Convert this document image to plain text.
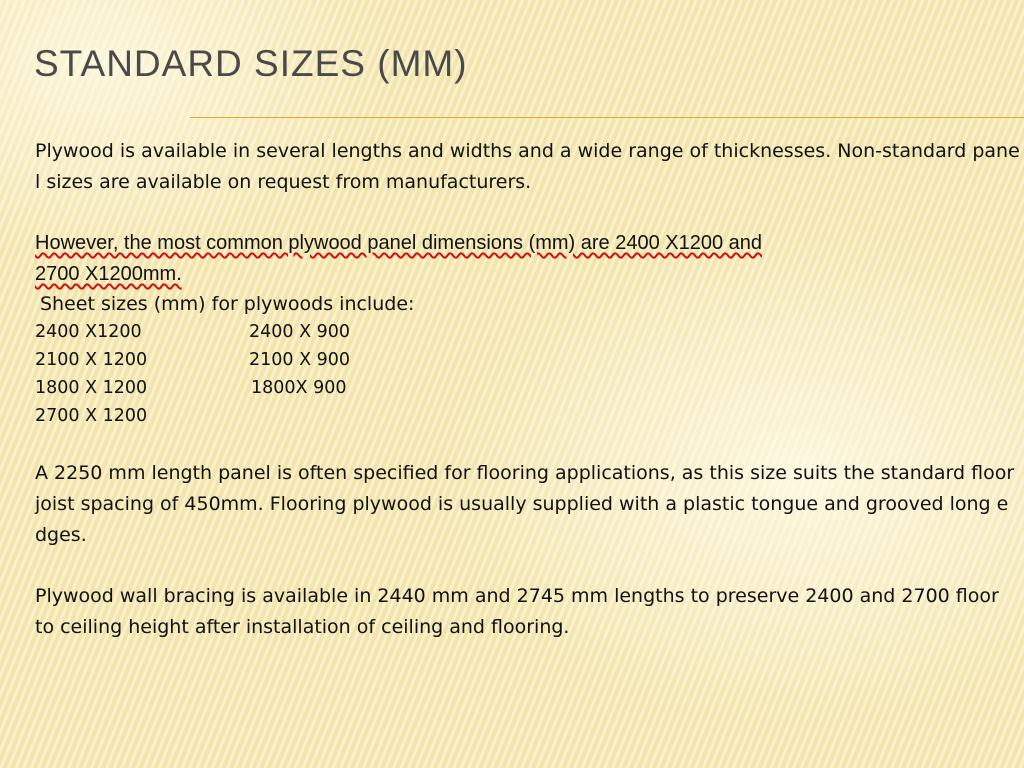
STANDARD SIZES (MM)

Plywood is available in several lengths and widths and a wide range of thicknesses. Non-standard panel sizes are available on request from manufacturers.

However, the most common plywood panel dimensions (mm) are 2400 X1200 and
2700 X1200mm.

Sheet sizes (mm) for plywoods include:

2400 X1200	2400 X 900
2100 X 1200	2100 X 900
1800 X 1200	1800X 900
2700 X 1200

A 2250 mm length panel is often specified for flooring applications, as this size suits the standard floor joist spacing of 450mm. Flooring plywood is usually supplied with a plastic tongue and grooved long edges.

Plywood wall bracing is available in 2440 mm and 2745 mm lengths to preserve 2400 and 2700 floor to ceiling height after installation of ceiling and flooring.
